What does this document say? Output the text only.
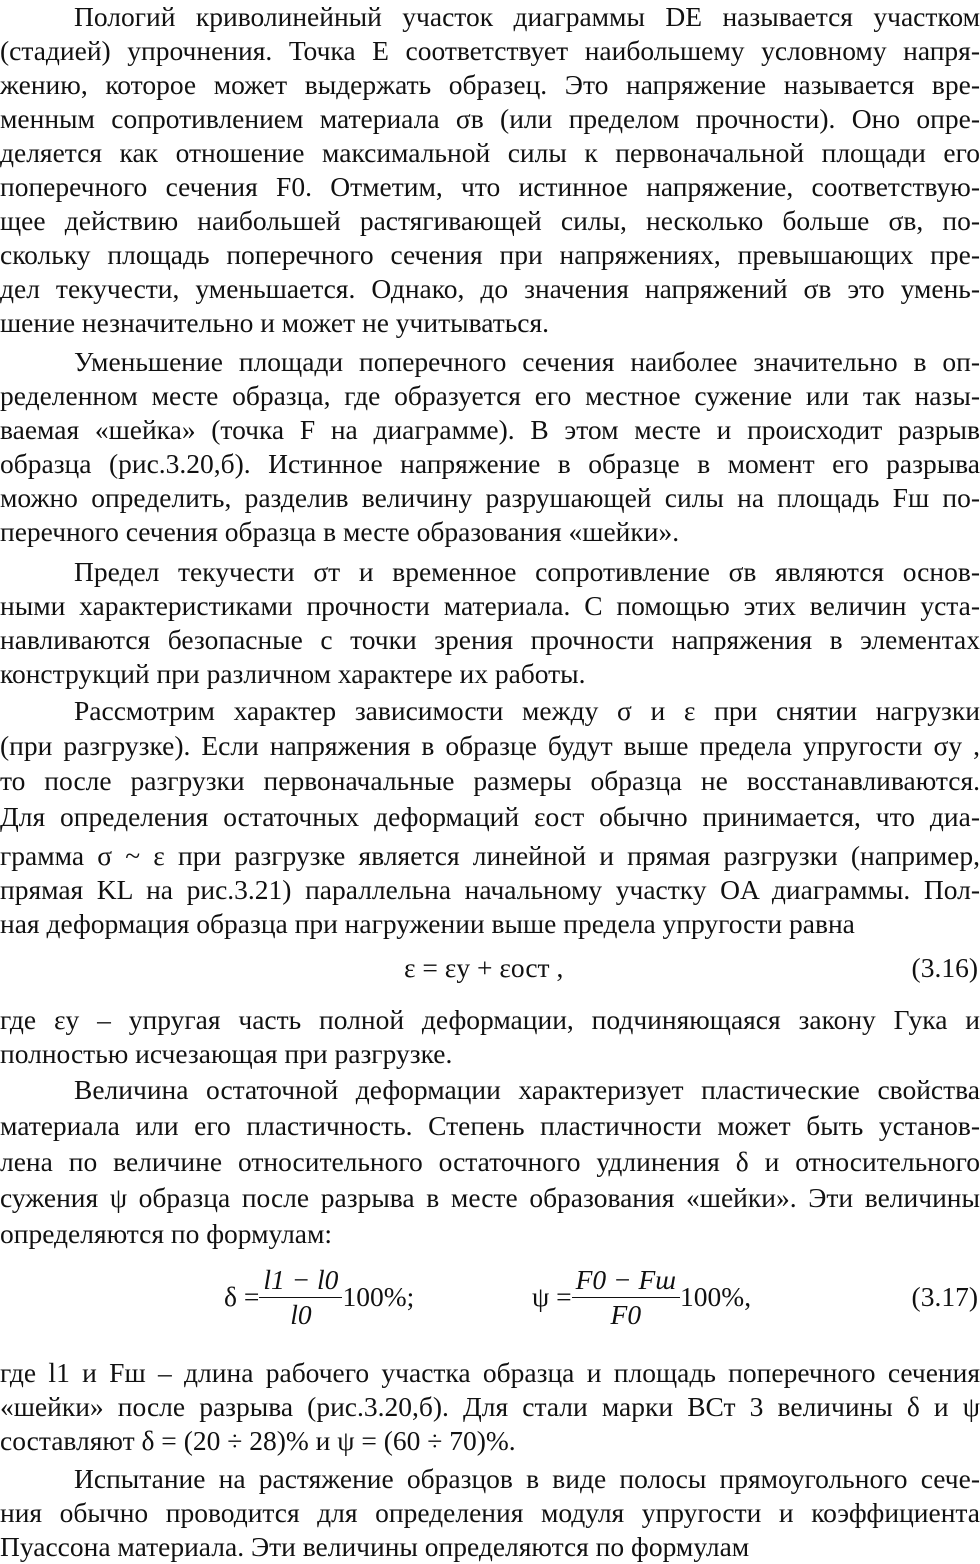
Пологий криволинейный участок диаграммы DE называется участком
(стадией) упрочнения. Точка E соответствует наибольшему условному напря-
жению, которое может выдержать образец. Это напряжение называется вре-
менным сопротивлением материала σв (или пределом прочности). Оно опре-
деляется как отношение максимальной силы к первоначальной площади его
поперечного сечения F0. Отметим, что истинное напряжение, соответствую-
щее действию наибольшей растягивающей силы, несколько больше σв, по-
скольку площадь поперечного сечения при напряжениях, превышающих пре-
дел текучести, уменьшается. Однако, до значения напряжений σв это умень-
шение незначительно и может не учитываться.
Уменьшение площади поперечного сечения наиболее значительно в оп-
ределенном месте образца, где образуется его местное сужение или так назы-
ваемая «шейка» (точка F на диаграмме). В этом месте и происходит разрыв
образца (рис.3.20,б). Истинное напряжение в образце в момент его разрыва
можно определить, разделив величину разрушающей силы на площадь Fш по-
перечного сечения образца в месте образования «шейки».
Предел текучести σт и временное сопротивление σв являются основ-
ными характеристиками прочности материала. С помощью этих величин уста-
навливаются безопасные с точки зрения прочности напряжения в элементах
конструкций при различном характере их работы.
Рассмотрим характер зависимости между σ и ε при снятии нагрузки
(при разгрузке). Если напряжения в образце будут выше предела упругости σу ,
то после разгрузки первоначальные размеры образца не восстанавливаются.
Для определения остаточных деформаций εост обычно принимается, что диа-
грамма σ ~ ε при разгрузке является линейной и прямая разгрузки (например,
прямая KL на рис.3.21) параллельна начальному участку OA диаграммы. Пол-
ная деформация образца при нагружении выше предела упругости равна
ε = εу + εост ,	(3.16)
где εу – упругая часть полной деформации, подчиняющаяся закону Гука и
полностью исчезающая при разгрузке.
Величина остаточной деформации характеризует пластические свойства
материала или его пластичность. Степень пластичности может быть установ-
лена по величине относительного остаточного удлинения δ и относительного
сужения ψ образца после разрыва в месте образования «шейки». Эти величины
определяются по формулам:
$\delta = \frac{l1 - l0}{l0} 100\%$;	$\psi = \frac{F0 - Fш}{F0} 100\%$,	(3.17)
где l1 и Fш – длина рабочего участка образца и площадь поперечного сечения
«шейки» после разрыва (рис.3.20,б). Для стали марки ВСт 3 величины δ и ψ
составляют δ = (20 ÷ 28)% и ψ = (60 ÷ 70)%.
Испытание на растяжение образцов в виде полосы прямоугольного сече-
ния обычно проводится для определения модуля упругости и коэффициента
Пуассона материала. Эти величины определяются по формулам
